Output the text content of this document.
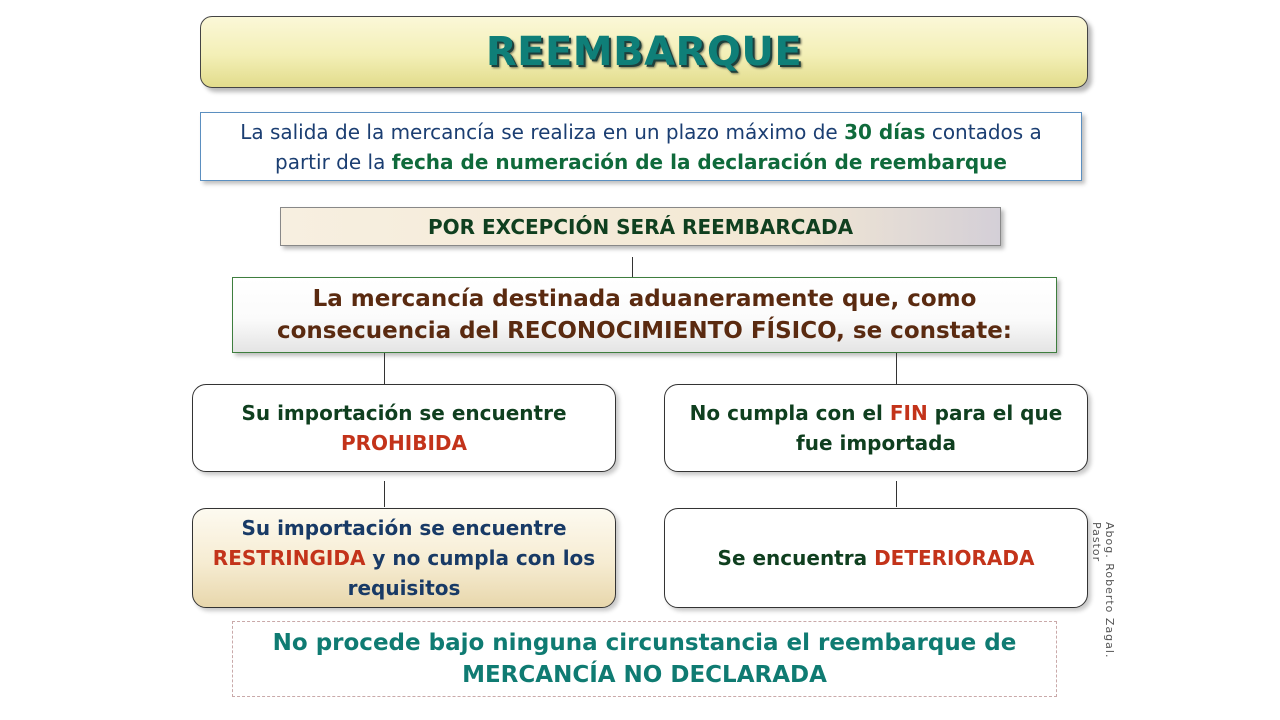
REEMBARQUE
La salida de la mercancía se realiza en un plazo máximo de 30 días contados a partir de la fecha de numeración de la declaración de reembarque
POR EXCEPCIÓN SERÁ REEMBARCADA
La mercancía destinada aduaneramente que, como consecuencia del RECONOCIMIENTO FÍSICO, se constate:
Su importación se encuentre
PROHIBIDA
No cumpla con el FIN para el que fue importada
Su importación se encuentre RESTRINGIDA y no cumpla con los requisitos
Se encuentra DETERIORADA
No procede bajo ninguna circunstancia el reembarque de MERCANCÍA NO DECLARADA
Abog. Roberto Zagal. Pastor
